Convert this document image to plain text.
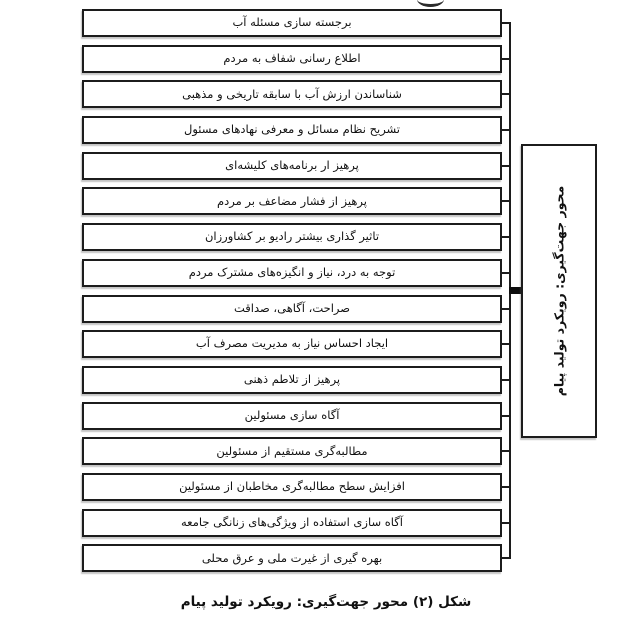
برجسته سازی مسئله آب
اطلاع رسانی شفاف به مردم
شناساندن ارزش آب با سابقه تاریخی و مذهبی
تشریح نظام مسائل و معرفی نهادهای مسئول
پرهیز ار برنامه‌های کلیشه‌ای
پرهیز از فشار مضاعف بر مردم
تاثیر گذاری بیشتر رادیو بر کشاورزان
توجه به درد، نیاز و انگیزه‌های مشترک مردم
صراحت، آگاهی، صداقت
ایجاد احساس نیاز به مدیریت مصرف آب
پرهیز از تلاطم ذهنی
آگاه سازی مسئولین
مطالبه‌گری مستقیم از مسئولین
افزایش سطح مطالبه‌گری مخاطبان از مسئولین
آگاه سازی استفاده از ویژگی‌های زنانگی جامعه
بهره گیری از غیرت ملی و عرق محلی
محور جهت‌گیری: رویکرد تولید پیام
شکل (۲) محور جهت‌گیری: رویکرد تولید پیام
